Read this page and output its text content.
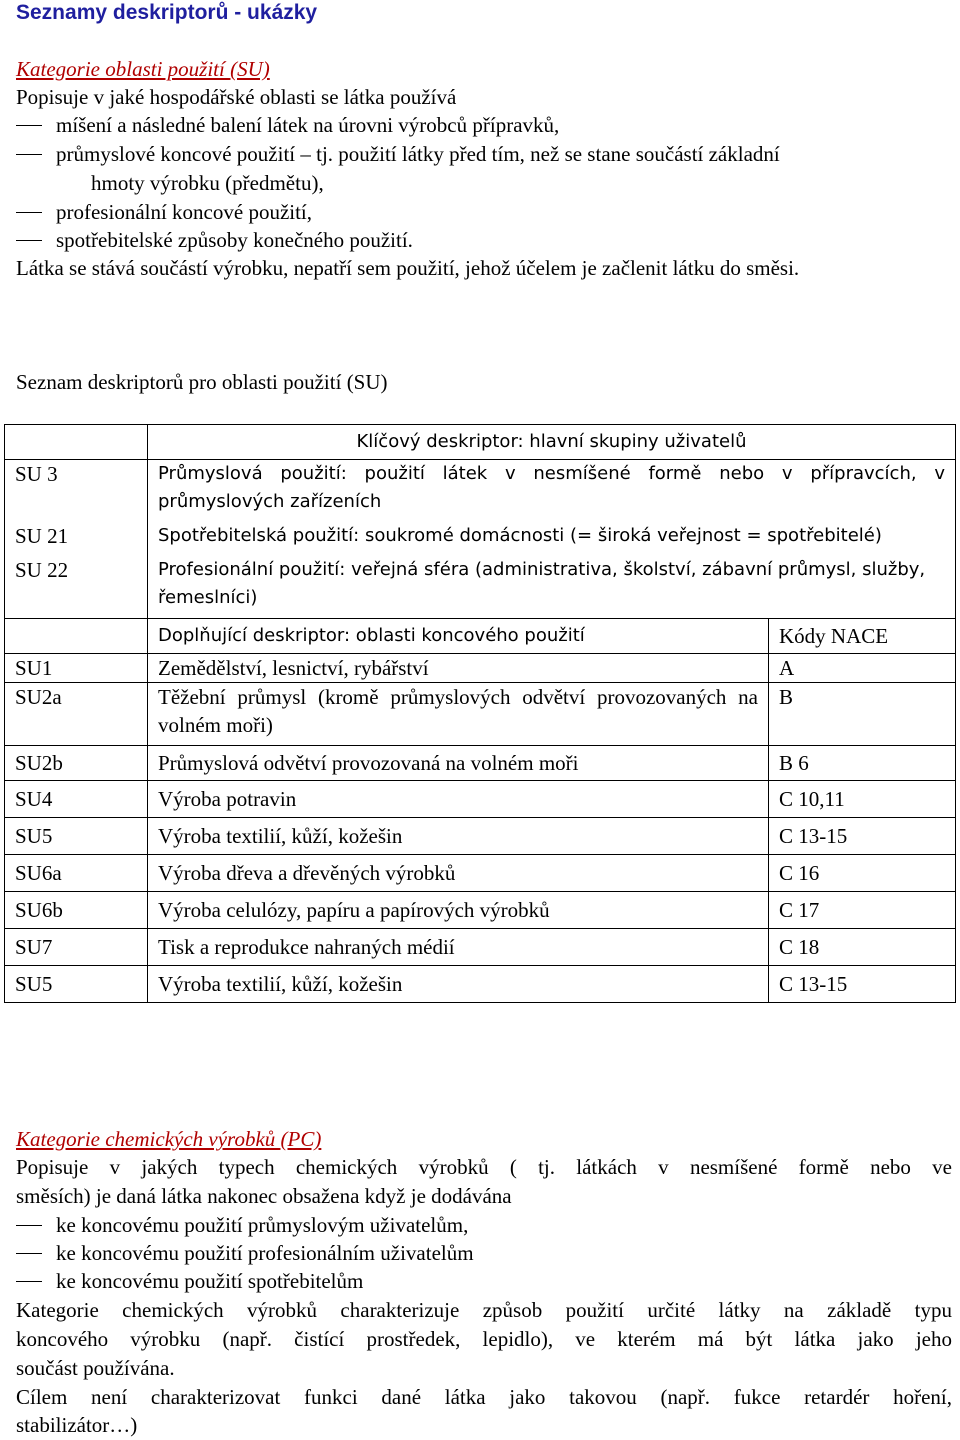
Seznamy deskriptorů - ukázky
Kategorie oblasti použití (SU)
Popisuje v jaké hospodářské oblasti se látka používá
míšení a následné balení látek na úrovni výrobců přípravků,
průmyslové koncové použití – tj. použití látky před tím, než se stane součástí základní
hmoty výrobku (předmětu),
profesionální koncové použití,
spotřebitelské způsoby konečného použití.
Látka se stává součástí výrobku, nepatří sem použití, jehož účelem je začlenit látku do směsi.
Seznam deskriptorů pro oblasti použití (SU)
	Klíčový deskriptor: hlavní skupiny uživatelů	
SU 3	Průmyslová použití: použití látek v nesmíšené formě nebo v přípravcích, v průmyslových zařízeních	
SU 21	Spotřebitelská použití: soukromé domácnosti (= široká veřejnost = spotřebitelé)	
SU 22	Profesionální použití: veřejná sféra (administrativa, školství, zábavní průmysl, služby, řemeslníci)	
	Doplňující deskriptor: oblasti koncového použití	Kódy NACE
SU1	Zemědělství, lesnictví, rybářství	A
SU2a	Těžební průmysl (kromě průmyslových odvětví provozovaných na volném moři)	B
SU2b	Průmyslová odvětví provozovaná na volném moři	B 6
SU4	Výroba potravin	C 10,11
SU5	Výroba textilií, kůží, kožešin	C 13-15
SU6a	Výroba dřeva a dřevěných výrobků	C 16
SU6b	Výroba celulózy, papíru a papírových výrobků	C 17
SU7	Tisk a reprodukce nahraných médií	C 18
SU5	Výroba textilií, kůží, kožešin	C 13-15
Kategorie chemických výrobků (PC)
Popisuje v jakých typech chemických výrobků ( tj. látkách v nesmíšené formě nebo ve
směsích) je daná látka nakonec obsažena když je dodávána
ke koncovému použití průmyslovým uživatelům,
ke koncovému použití profesionálním uživatelům
ke koncovému použití spotřebitelům
Kategorie chemických výrobků charakterizuje způsob použití určité látky na základě typu
koncového výrobku (např. čistící prostředek, lepidlo), ve kterém má být látka jako jeho
součást používána.
Cílem není charakterizovat funkci dané látka jako takovou (např. fukce retardér hoření,
stabilizátor…)
